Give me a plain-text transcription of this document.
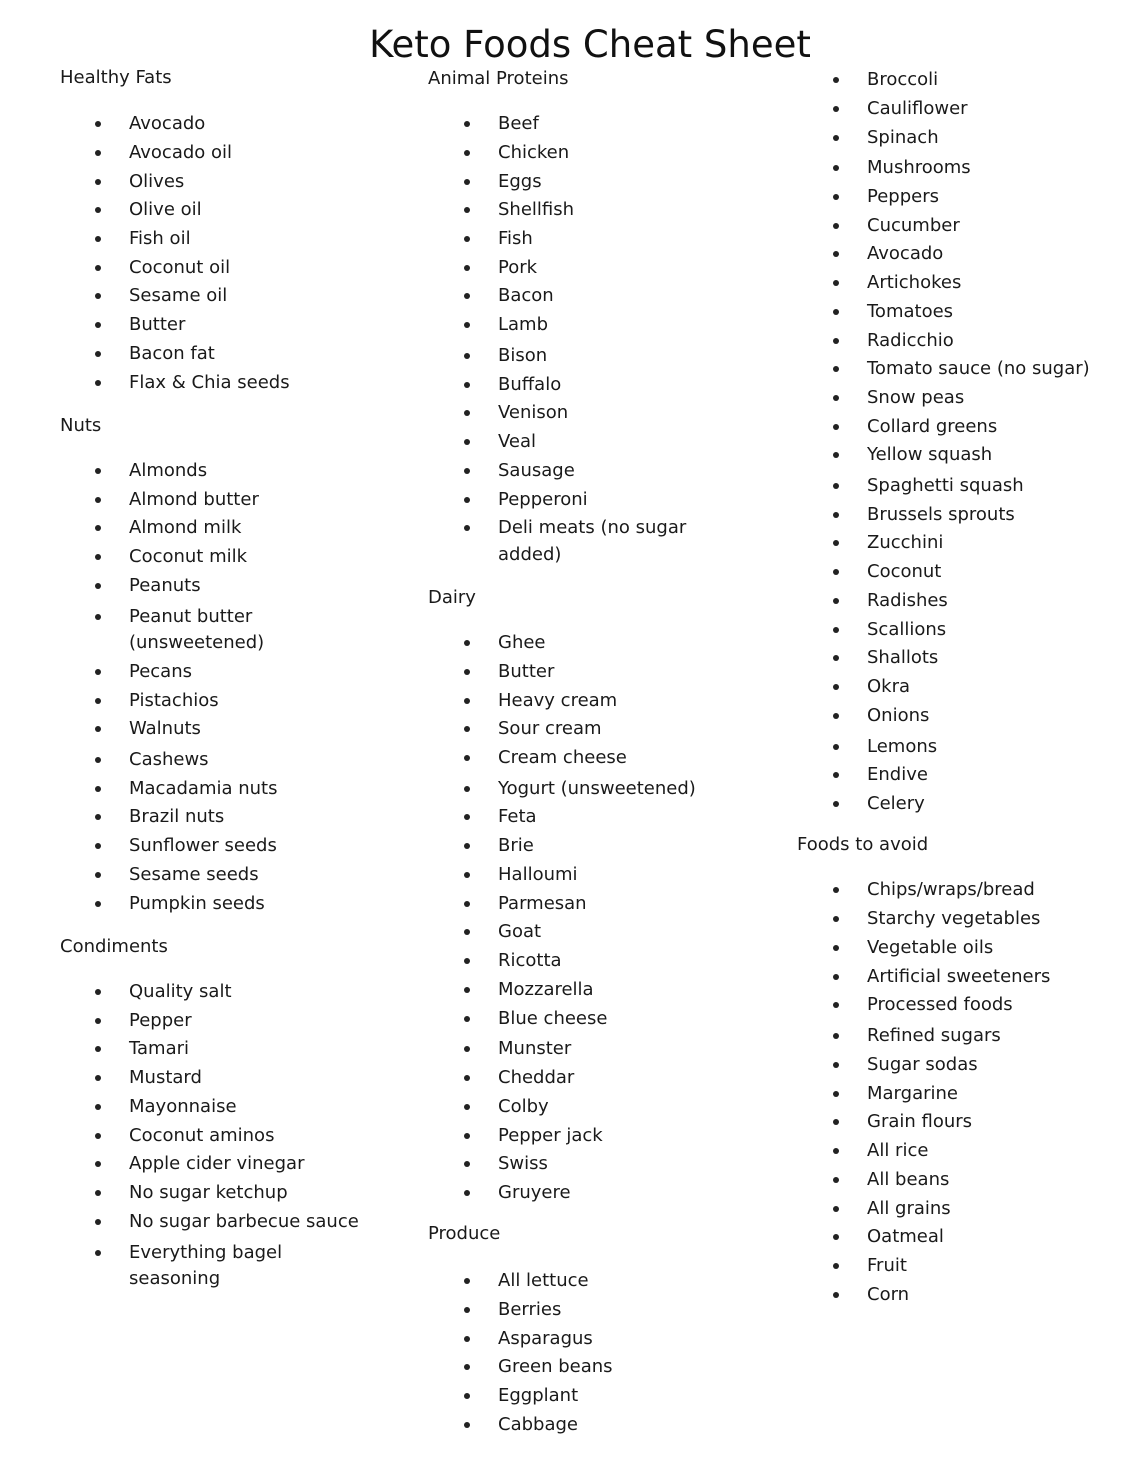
Keto Foods Cheat Sheet
Healthy Fats
Avocado
Avocado oil
Olives
Olive oil
Fish oil
Coconut oil
Sesame oil
Butter
Bacon fat
Flax & Chia seeds
Nuts
Almonds
Almond butter
Almond milk
Coconut milk
Peanuts
Peanut butter
(unsweetened)
Pecans
Pistachios
Walnuts
Cashews
Macadamia nuts
Brazil nuts
Sunflower seeds
Sesame seeds
Pumpkin seeds
Condiments
Quality salt
Pepper
Tamari
Mustard
Mayonnaise
Coconut aminos
Apple cider vinegar
No sugar ketchup
No sugar barbecue sauce
Everything bagel
seasoning
Animal Proteins
Beef
Chicken
Eggs
Shellfish
Fish
Pork
Bacon
Lamb
Bison
Buffalo
Venison
Veal
Sausage
Pepperoni
Deli meats (no sugar
added)
Dairy
Ghee
Butter
Heavy cream
Sour cream
Cream cheese
Yogurt (unsweetened)
Feta
Brie
Halloumi
Parmesan
Goat
Ricotta
Mozzarella
Blue cheese
Munster
Cheddar
Colby
Pepper jack
Swiss
Gruyere
Produce
All lettuce
Berries
Asparagus
Green beans
Eggplant
Cabbage
Broccoli
Cauliflower
Spinach
Mushrooms
Peppers
Cucumber
Avocado
Artichokes
Tomatoes
Radicchio
Tomato sauce (no sugar)
Snow peas
Collard greens
Yellow squash
Spaghetti squash
Brussels sprouts
Zucchini
Coconut
Radishes
Scallions
Shallots
Okra
Onions
Lemons
Endive
Celery
Foods to avoid
Chips/wraps/bread
Starchy vegetables
Vegetable oils
Artificial sweeteners
Processed foods
Refined sugars
Sugar sodas
Margarine
Grain flours
All rice
All beans
All grains
Oatmeal
Fruit
Corn
